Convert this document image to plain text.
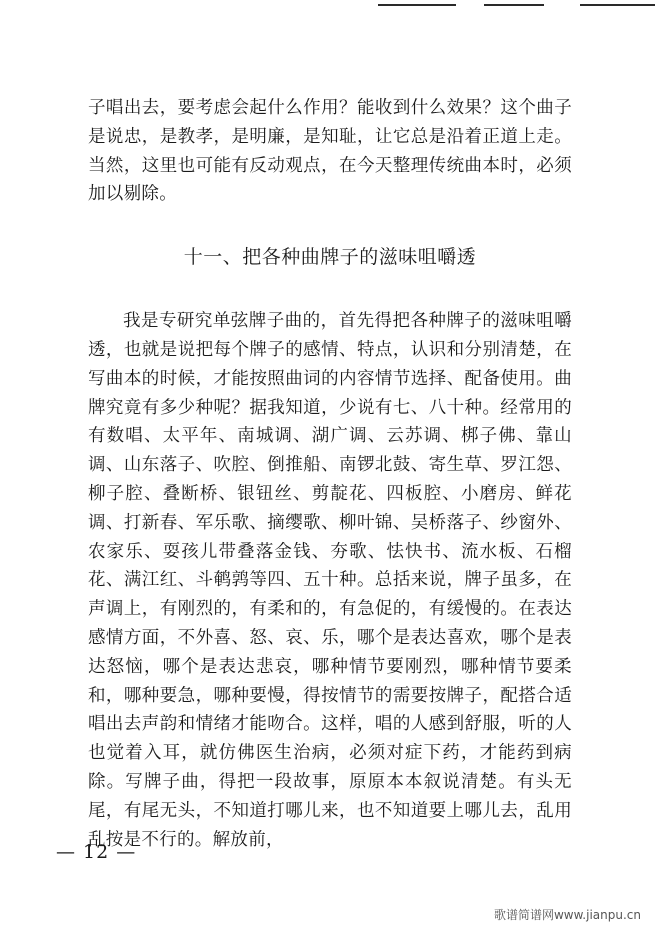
子唱出去，要考虑会起什么作用？能收到什么效果？这个曲子是说忠，是教孝，是明廉，是知耻，让它总是沿着正道上走。当然，这里也可能有反动观点，在今天整理传统曲本时，必须加以剔除。

十一、把各种曲牌子的滋味咀嚼透

我是专研究单弦牌子曲的，首先得把各种牌子的滋味咀嚼透，也就是说把每个牌子的感情、特点，认识和分别清楚，在写曲本的时候，才能按照曲词的内容情节选择、配备使用。曲牌究竟有多少种呢？据我知道，少说有七、八十种。经常用的有数唱、太平年、南城调、湖广调、云苏调、梆子佛、靠山调、山东落子、吹腔、倒推船、南锣北鼓、寄生草、罗江怨、柳子腔、叠断桥、银钮丝、剪靛花、四板腔、小磨房、鲜花调、打新春、军乐歌、摘缨歌、柳叶锦、吴桥落子、纱窗外、农家乐、耍孩儿带叠落金钱、夯歌、怯快书、流水板、石榴花、满江红、斗鹌鹑等四、五十种。总括来说，牌子虽多，在声调上，有刚烈的，有柔和的，有急促的，有缓慢的。在表达感情方面，不外喜、怒、哀、乐，哪个是表达喜欢，哪个是表达怒恼，哪个是表达悲哀，哪种情节要刚烈，哪种情节要柔和，哪种要急，哪种要慢，得按情节的需要按牌子，配搭合适唱出去声韵和情绪才能吻合。这样，唱的人感到舒服，听的人也觉着入耳，就仿佛医生治病，必须对症下药，才能药到病除。写牌子曲，得把一段故事，原原本本叙说清楚。有头无尾，有尾无头，不知道打哪儿来，也不知道要上哪儿去，乱用乱按是不行的。解放前，

— 12 —
歌谱简谱网www.jianpu.cn
